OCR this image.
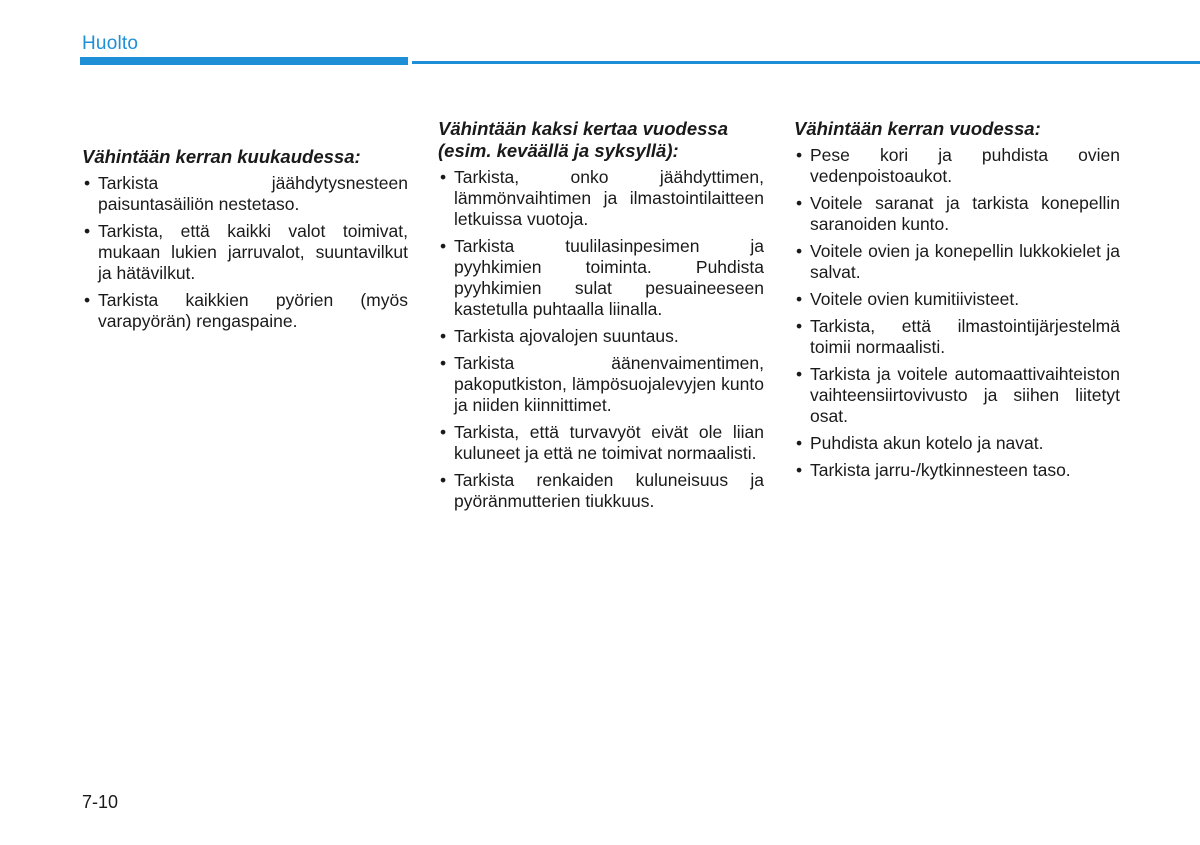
Huolto
Vähintään kerran kuukaudessa:
• Tarkista jäähdytysnesteen paisuntasäiliön nestetaso.
• Tarkista, että kaikki valot toimivat, mukaan lukien jarruvalot, suuntavilkut ja hätävilkut.
• Tarkista kaikkien pyörien (myös varapyörän) rengaspaine.
Vähintään kaksi kertaa vuodessa (esim. keväällä ja syksyllä):
• Tarkista, onko jäähdyttimen, lämmönvaihtimen ja ilmastointilaitteen letkuissa vuotoja.
• Tarkista tuulilasinpesimen ja pyyhkimien toiminta. Puhdista pyyhkimien sulat pesuaineeseen kastetulla puhtaalla liinalla.
• Tarkista ajovalojen suuntaus.
• Tarkista äänenvaimentimen, pakoputkiston, lämpösuojalevyjen kunto ja niiden kiinnittimet.
• Tarkista, että turvavyöt eivät ole liian kuluneet ja että ne toimivat normaalisti.
• Tarkista renkaiden kuluneisuus ja pyöränmutterien tiukkuus.
Vähintään kerran vuodessa:
• Pese kori ja puhdista ovien vedenpoistoaukot.
• Voitele saranat ja tarkista konepellin saranoiden kunto.
• Voitele ovien ja konepellin lukkokielet ja salvat.
• Voitele ovien kumitiivisteet.
• Tarkista, että ilmastointijärjestelmä toimii normaalisti.
• Tarkista ja voitele automaattivaihteiston vaihteensiirtovivusto ja siihen liitetyt osat.
• Puhdista akun kotelo ja navat.
• Tarkista jarru-/kytkinnesteen taso.
7-10
